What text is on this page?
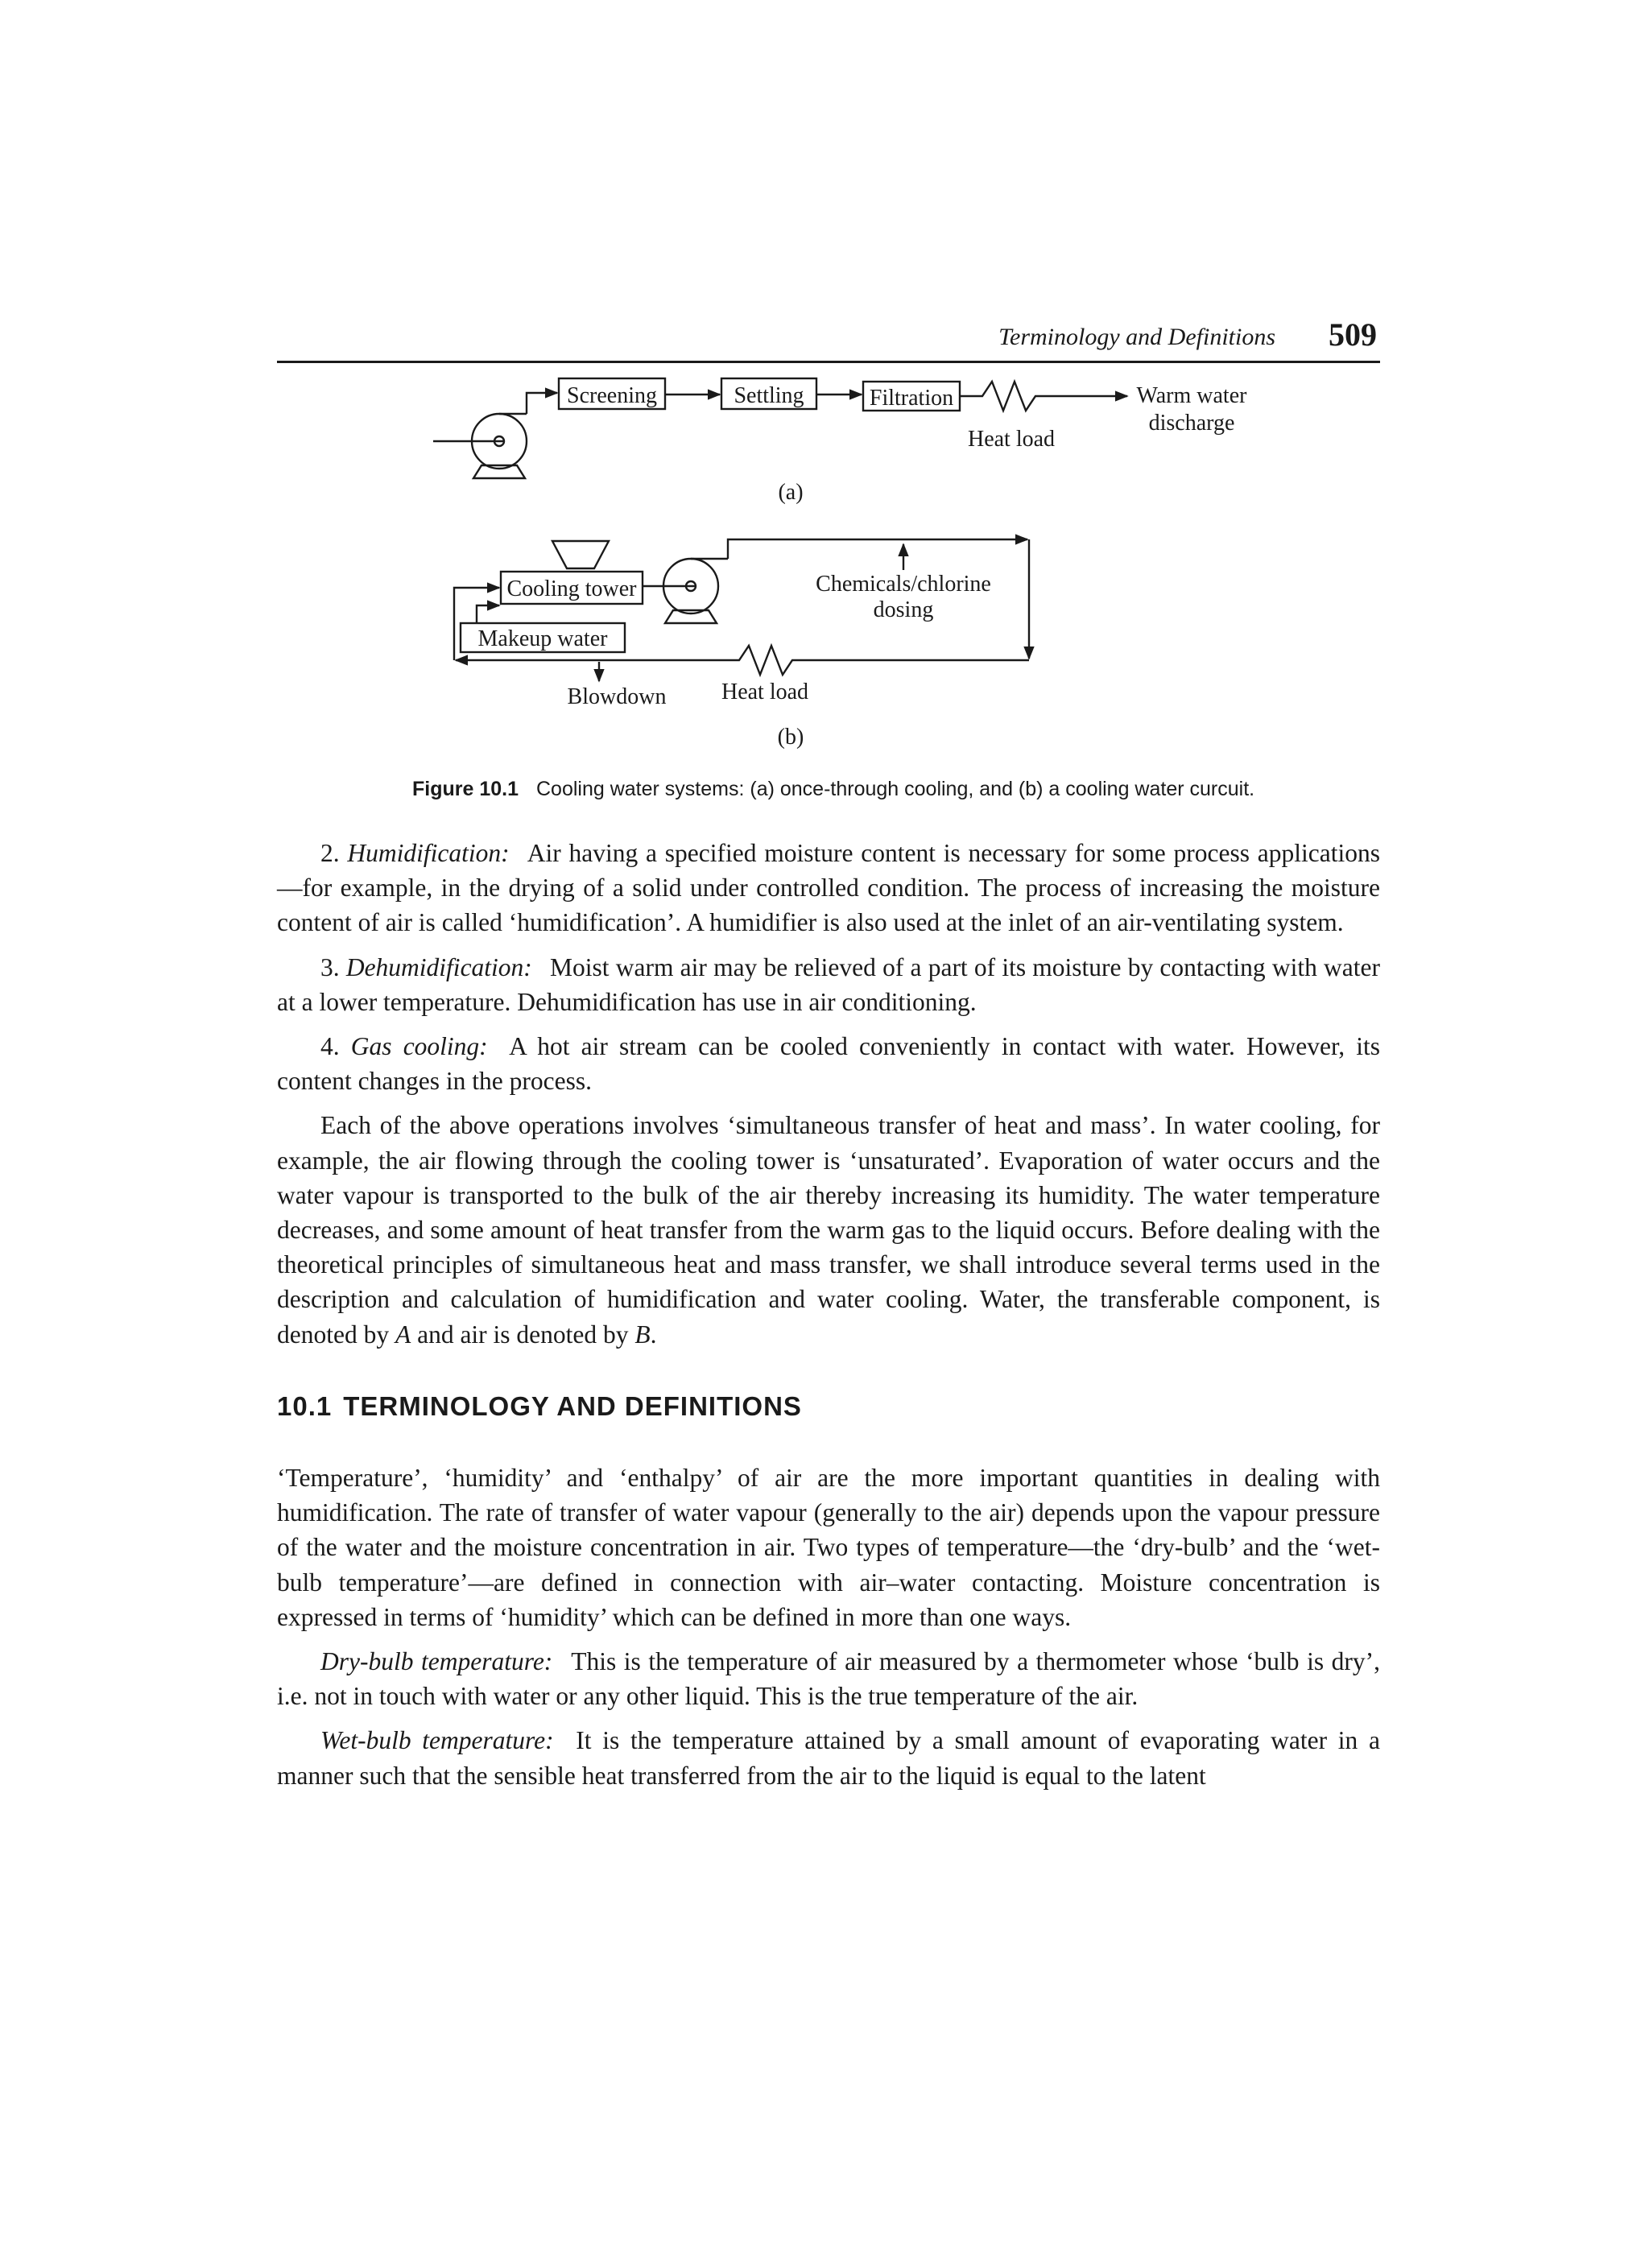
Terminology and Definitions 509
Screening	Settling	Filtration
Heat load
Warm water
discharge
(a)
Cooling tower
Makeup water
Chemicals/chlorine
dosing
Blowdown Heat load
(b)
Figure 10.1 Cooling water systems: (a) once-through cooling, and (b) a cooling water curcuit.

2. Humidification: Air having a specified moisture content is necessary for some process applications—for example, in the drying of a solid under controlled condition. The process of increasing the moisture content of air is called ‘humidification’. A humidifier is also used at the inlet of an air-ventilating system.

3. Dehumidification: Moist warm air may be relieved of a part of its moisture by contacting with water at a lower temperature. Dehumidification has use in air conditioning.

4. Gas cooling: A hot air stream can be cooled conveniently in contact with water. However, its content changes in the process.

Each of the above operations involves ‘simultaneous transfer of heat and mass’. In water cooling, for example, the air flowing through the cooling tower is ‘unsaturated’. Evaporation of water occurs and the water vapour is transported to the bulk of the air thereby increasing its humidity. The water temperature decreases, and some amount of heat transfer from the warm gas to the liquid occurs. Before dealing with the theoretical principles of simultaneous heat and mass transfer, we shall introduce several terms used in the description and calculation of humidification and water cooling. Water, the transferable component, is denoted by A and air is denoted by B.

10.1 TERMINOLOGY AND DEFINITIONS

‘Temperature’, ‘humidity’ and ‘enthalpy’ of air are the more important quantities in dealing with humidification. The rate of transfer of water vapour (generally to the air) depends upon the vapour pressure of the water and the moisture concentration in air. Two types of temperature—the ‘dry-bulb’ and the ‘wet-bulb temperature’—are defined in connection with air–water contacting. Moisture concentration is expressed in terms of ‘humidity’ which can be defined in more than one ways.

Dry-bulb temperature: This is the temperature of air measured by a thermometer whose ‘bulb is dry’, i.e. not in touch with water or any other liquid. This is the true temperature of the air.

Wet-bulb temperature: It is the temperature attained by a small amount of evaporating water in a manner such that the sensible heat transferred from the air to the liquid is equal to the latent
